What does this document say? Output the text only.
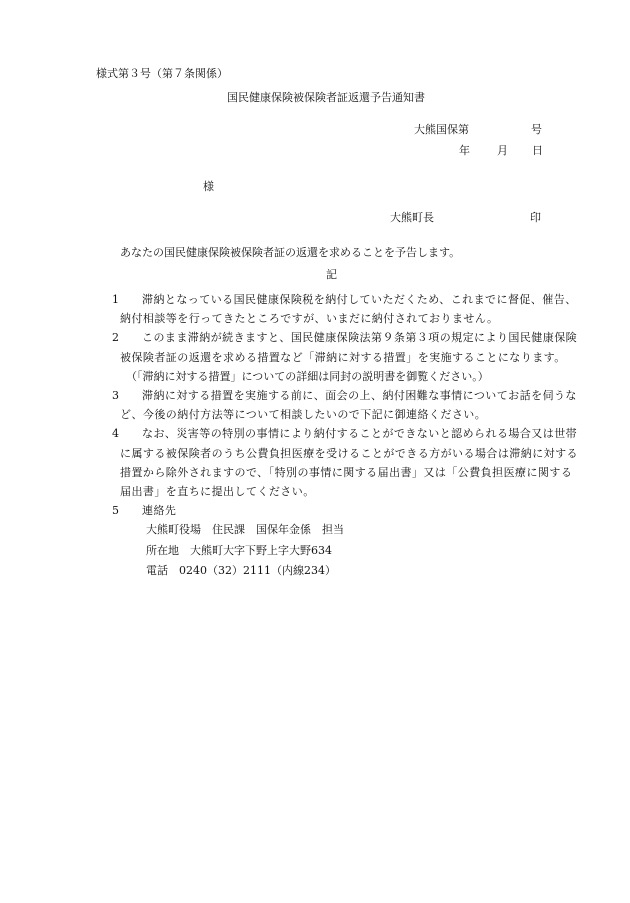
様式第３号（第７条関係）
国民健康保険被保険者証返還予告通知書
大熊国保第	号
年 月 日
様
大熊町長	印
あなたの国民健康保険被保険者証の返還を求めることを予告します。
記
1	滞納となっている国民健康保険税を納付していただくため、これまでに督促、催告、納付相談等を行ってきたところですが、いまだに納付されておりません。
2	このまま滞納が続きますと、国民健康保険法第９条第３項の規定により国民健康保険被保険者証の返還を求める措置など「滞納に対する措置」を実施することになります。
（「滞納に対する措置」についての詳細は同封の説明書を御覧ください。）
3	滞納に対する措置を実施する前に、面会の上、納付困難な事情についてお話を伺うなど、今後の納付方法等について相談したいので下記に御連絡ください。
4	なお、災害等の特別の事情により納付することができないと認められる場合又は世帯に属する被保険者のうち公費負担医療を受けることができる方がいる場合は滞納に対する措置から除外されますので、「特別の事情に関する届出書」又は「公費負担医療に関する届出書」を直ちに提出してください。
5	連絡先
大熊町役場　住民課　国保年金係　担当
所在地　大熊町大字下野上字大野634
電話　0240（32）2111（内線234）
